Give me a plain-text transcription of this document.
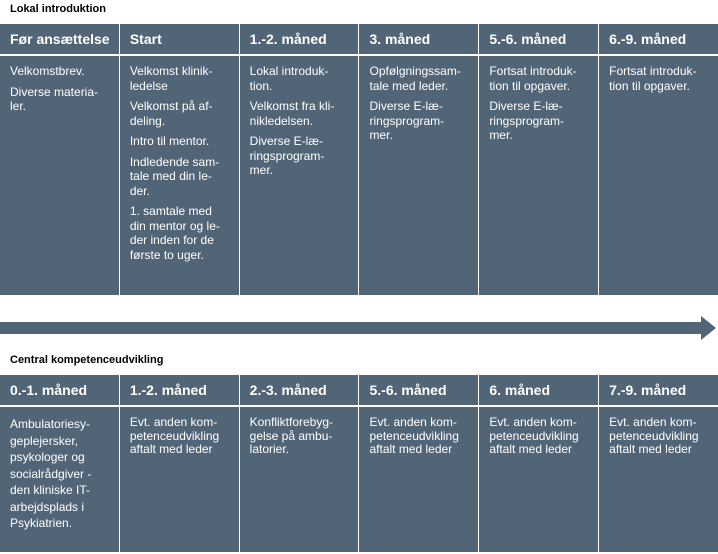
Lokal introduktion
Før ansættelse
Velkomstbrev.
Diverse materia-
ler.
Start
Velkomst klinik-
ledelse
Velkomst på af-
deling.
Intro til mentor.
Indledende sam-
tale med din le-
der.
1. samtale med
din mentor og le-
der inden for de
første to uger.
1.-2. måned
Lokal introduk-
tion.
Velkomst fra kli-
nikledelsen.
Diverse E-læ-
ringsprogram-
mer.
3. måned
Opfølgningssam-
tale med leder.
Diverse E-læ-
ringsprogram-
mer.
5.-6. måned
Fortsat introduk-
tion til opgaver.
Diverse E-læ-
ringsprogram-
mer.
6.-9. måned
Fortsat introduk-
tion til opgaver.
Central kompetenceudvikling
0.-1. måned
Ambulatoriesy-
geplejersker,
psykologer og
socialrådgiver -
den kliniske IT-
arbejdsplads i
Psykiatrien.
1.-2. måned
Evt. anden kom-
petenceudvikling
aftalt med leder
2.-3. måned
Konfliktforebyg-
gelse på ambu-
latorier.
5.-6. måned
Evt. anden kom-
petenceudvikling
aftalt med leder
6. måned
Evt. anden kom-
petenceudvikling
aftalt med leder
7.-9. måned
Evt. anden kom-
petenceudvikling
aftalt med leder
